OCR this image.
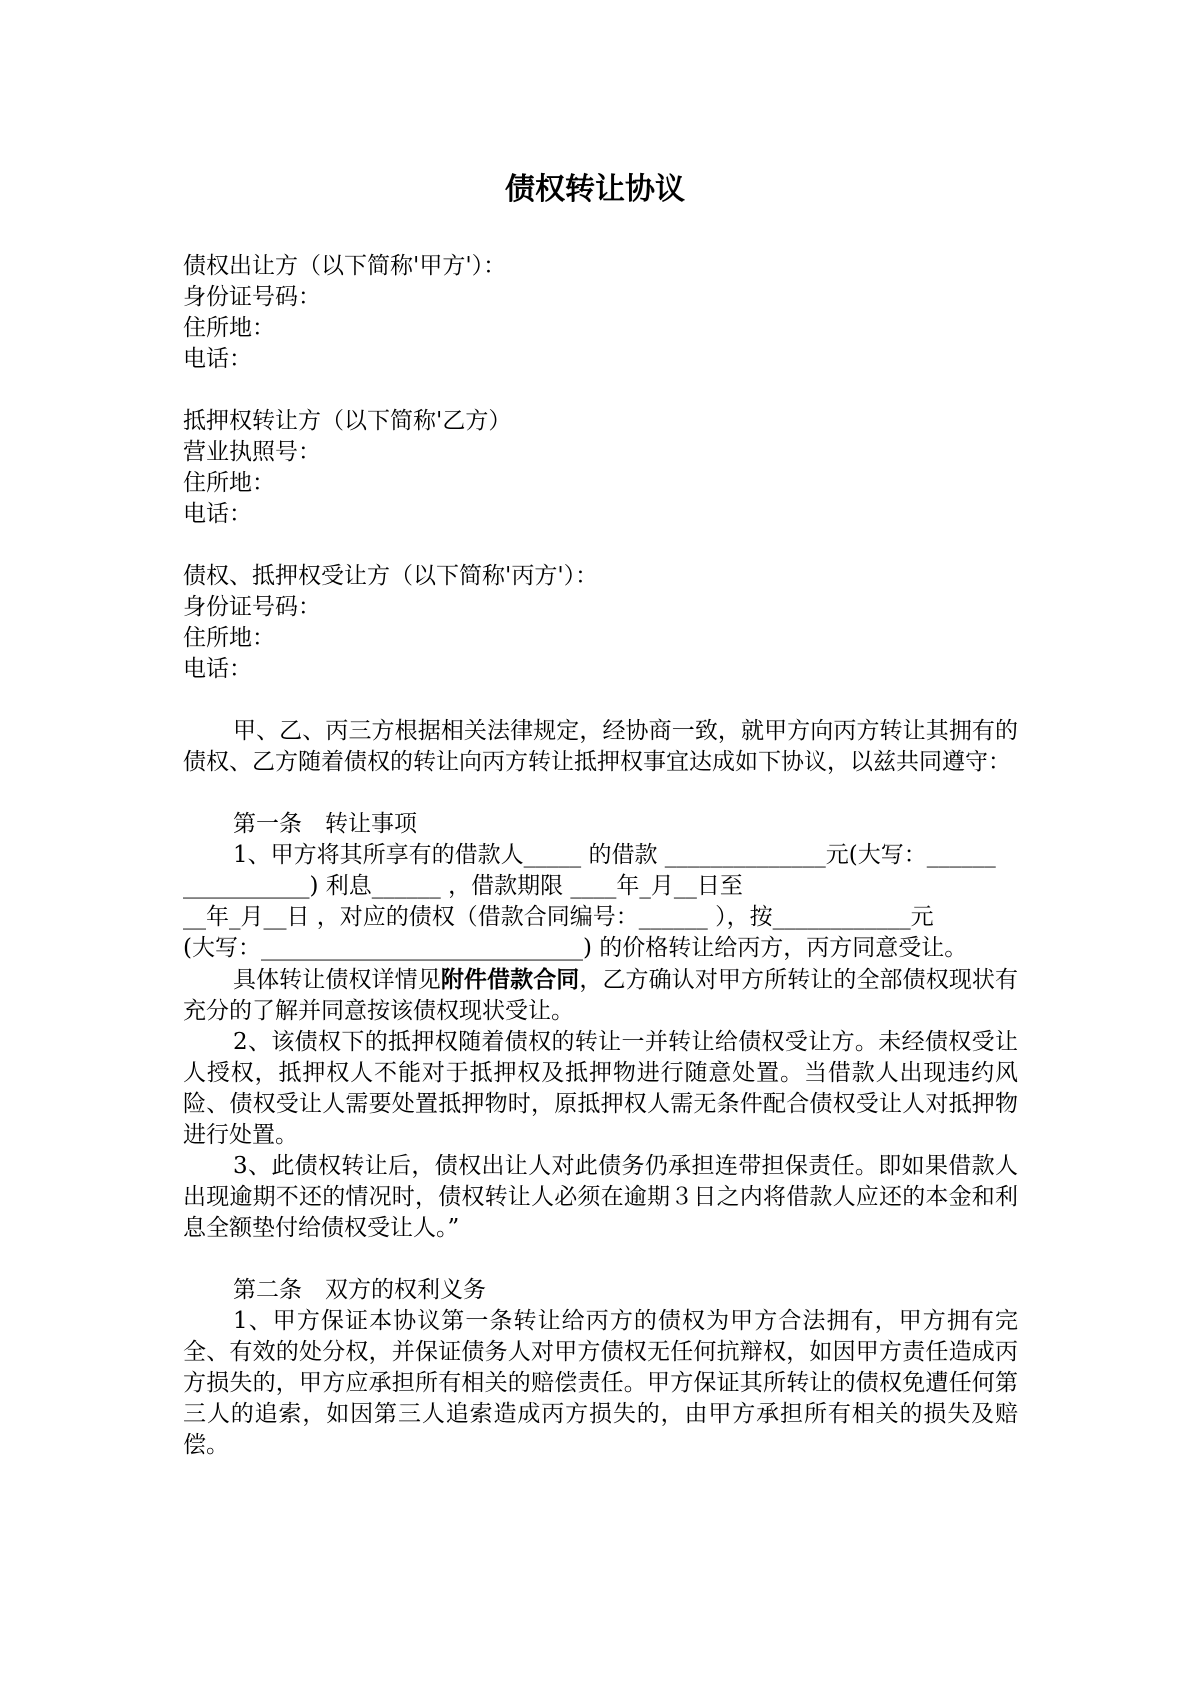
债权转让协议

债权出让方（以下简称'甲方'）：

身份证号码：

住所地：

电话：

抵押权转让方（以下简称'乙方）

营业执照号：

住所地：

电话：

债权、抵押权受让方（以下简称'丙方'）：

身份证号码：

住所地：

电话：

甲、乙、丙三方根据相关法律规定，经协商一致，就甲方向丙方转让其拥有的债权、乙方随着债权的转让向丙方转让抵押权事宜达成如下协议，以兹共同遵守：

第一条　转让事项

1、甲方将其所享有的借款人_____ 的借款 ______________元(大写：______

___________) 利息______ ，借款期限 ____年_月__日至

__年_月__日 ，对应的债权（借款合同编号：______ ），按____________元

(大写：____________________________) 的价格转让给丙方，丙方同意受让。

具体转让债权详情见附件借款合同，乙方确认对甲方所转让的全部债权现状有充分的了解并同意按该债权现状受让。

2、该债权下的抵押权随着债权的转让一并转让给债权受让方。未经债权受让人授权，抵押权人不能对于抵押权及抵押物进行随意处置。当借款人出现违约风险、债权受让人需要处置抵押物时，原抵押权人需无条件配合债权受让人对抵押物进行处置。

3、此债权转让后，债权出让人对此债务仍承担连带担保责任。即如果借款人出现逾期不还的情况时，债权转让人必须在逾期３日之内将借款人应还的本金和利息全额垫付给债权受让人。”

第二条　双方的权利义务

1、甲方保证本协议第一条转让给丙方的债权为甲方合法拥有，甲方拥有完全、有效的处分权，并保证债务人对甲方债权无任何抗辩权，如因甲方责任造成丙方损失的，甲方应承担所有相关的赔偿责任。甲方保证其所转让的债权免遭任何第三人的追索，如因第三人追索造成丙方损失的，由甲方承担所有相关的损失及赔偿。
